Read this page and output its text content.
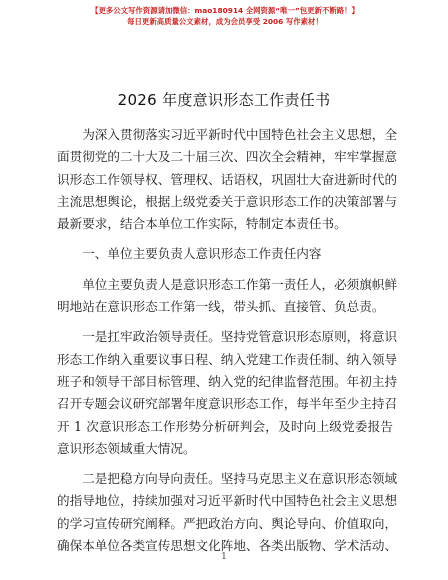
【更多公文写作资源请加微信：mao180914 全网资源“唯一”包更新不断路！】
每日更新高质量公文素材，成为会员享受 2006 写作素材！
2026 年度意识形态工作责任书
为深入贯彻落实习近平新时代中国特色社会主义思想，全
面贯彻党的二十大及二十届三次、四次全会精神，牢牢掌握意
识形态工作领导权、管理权、话语权，巩固壮大奋进新时代的
主流思想舆论，根据上级党委关于意识形态工作的决策部署与
最新要求，结合本单位工作实际，特制定本责任书。
一、单位主要负责人意识形态工作责任内容
单位主要负责人是意识形态工作第一责任人，必须旗帜鲜
明地站在意识形态工作第一线，带头抓、直接管、负总责。
一是扛牢政治领导责任。坚持党管意识形态原则，将意识
形态工作纳入重要议事日程、纳入党建工作责任制、纳入领导
班子和领导干部目标管理、纳入党的纪律监督范围。年初主持
召开专题会议研究部署年度意识形态工作，每半年至少主持召
开 1 次意识形态工作形势分析研判会，及时向上级党委报告
意识形态领域重大情况。
二是把稳方向导向责任。坚持马克思主义在意识形态领域
的指导地位，持续加强对习近平新时代中国特色社会主义思想
的学习宣传研究阐释。严把政治方向、舆论导向、价值取向，
确保本单位各类宣传思想文化阵地、各类出版物、学术活动、
1
